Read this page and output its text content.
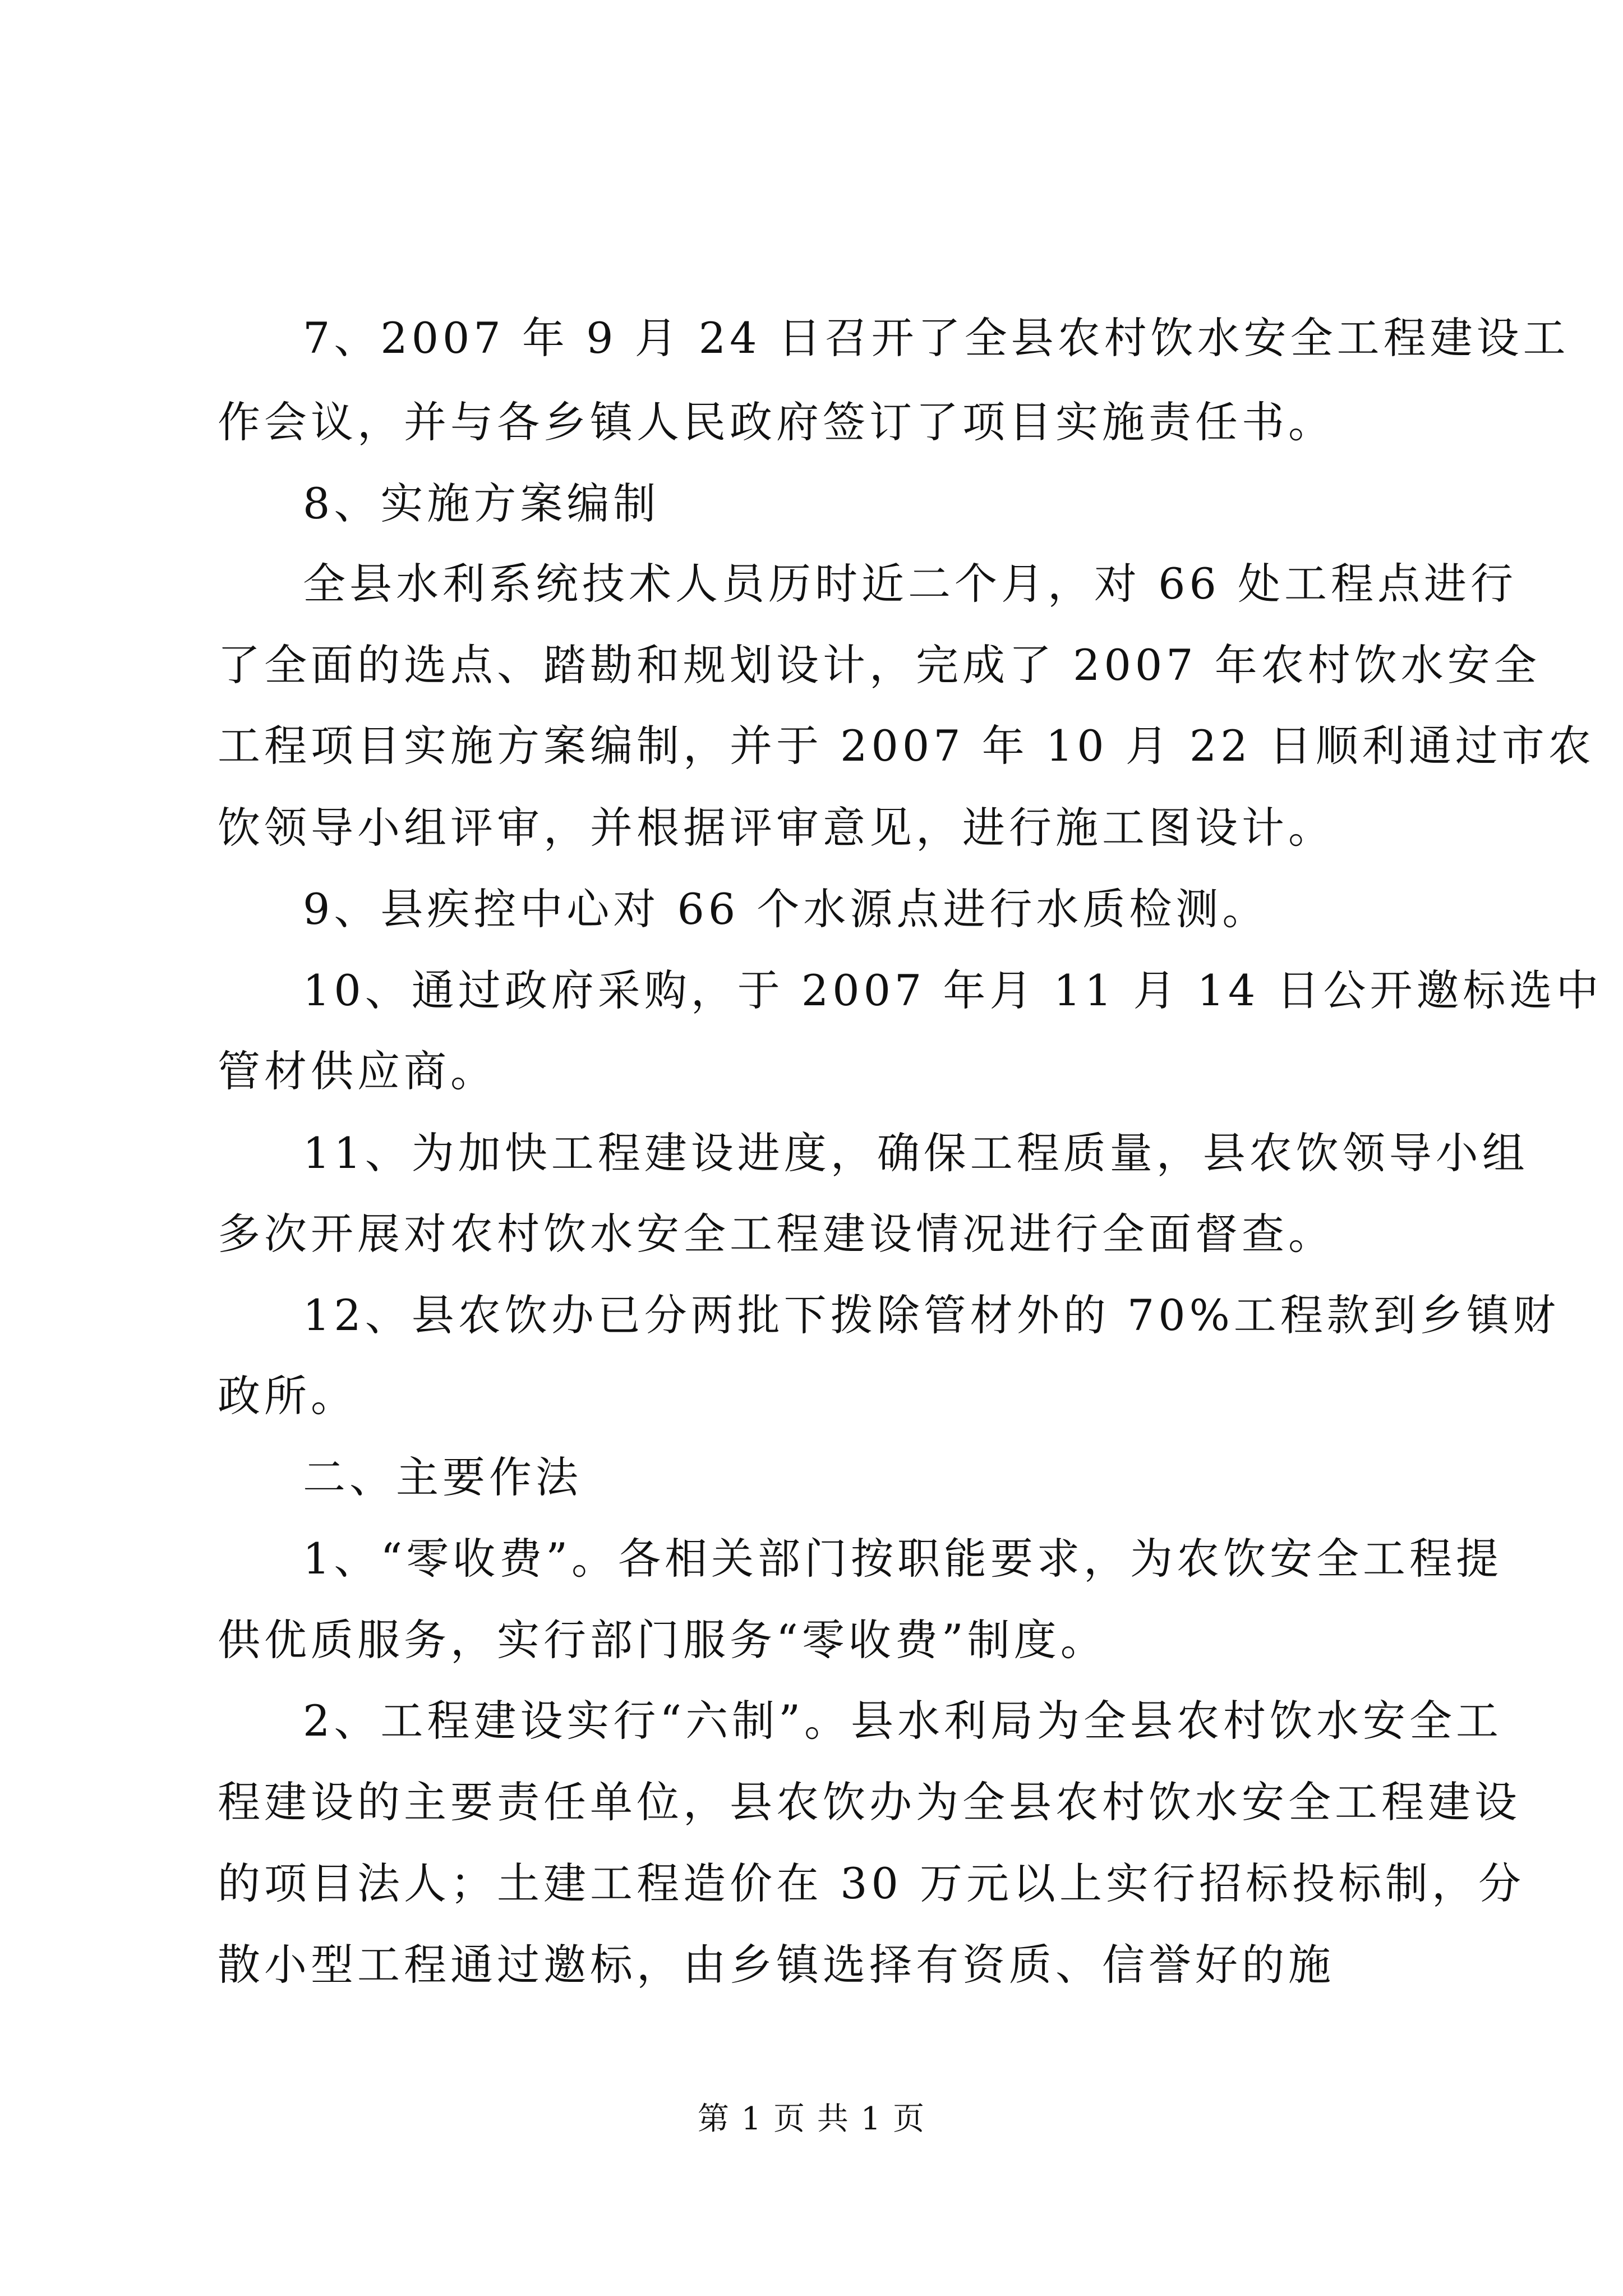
7、2007 年 9 月 24 日召开了全县农村饮水安全工程建设工
作会议，并与各乡镇人民政府签订了项目实施责任书。
8、实施方案编制
全县水利系统技术人员历时近二个月，对 66 处工程点进行
了全面的选点、踏勘和规划设计，完成了 2007 年农村饮水安全
工程项目实施方案编制，并于 2007 年 10 月 22 日顺利通过市农
饮领导小组评审，并根据评审意见，进行施工图设计。
9、县疾控中心对 66 个水源点进行水质检测。
10、通过政府采购，于 2007 年月 11 月 14 日公开邀标选中
管材供应商。
11、为加快工程建设进度，确保工程质量，县农饮领导小组
多次开展对农村饮水安全工程建设情况进行全面督查。
12、县农饮办已分两批下拨除管材外的 70%工程款到乡镇财
政所。
二、主要作法
1、“零收费”。各相关部门按职能要求，为农饮安全工程提
供优质服务，实行部门服务“零收费”制度。
2、工程建设实行“六制”。县水利局为全县农村饮水安全工
程建设的主要责任单位，县农饮办为全县农村饮水安全工程建设
的项目法人；土建工程造价在 30 万元以上实行招标投标制，分
散小型工程通过邀标，由乡镇选择有资质、信誉好的施
第 1 页 共 1 页
